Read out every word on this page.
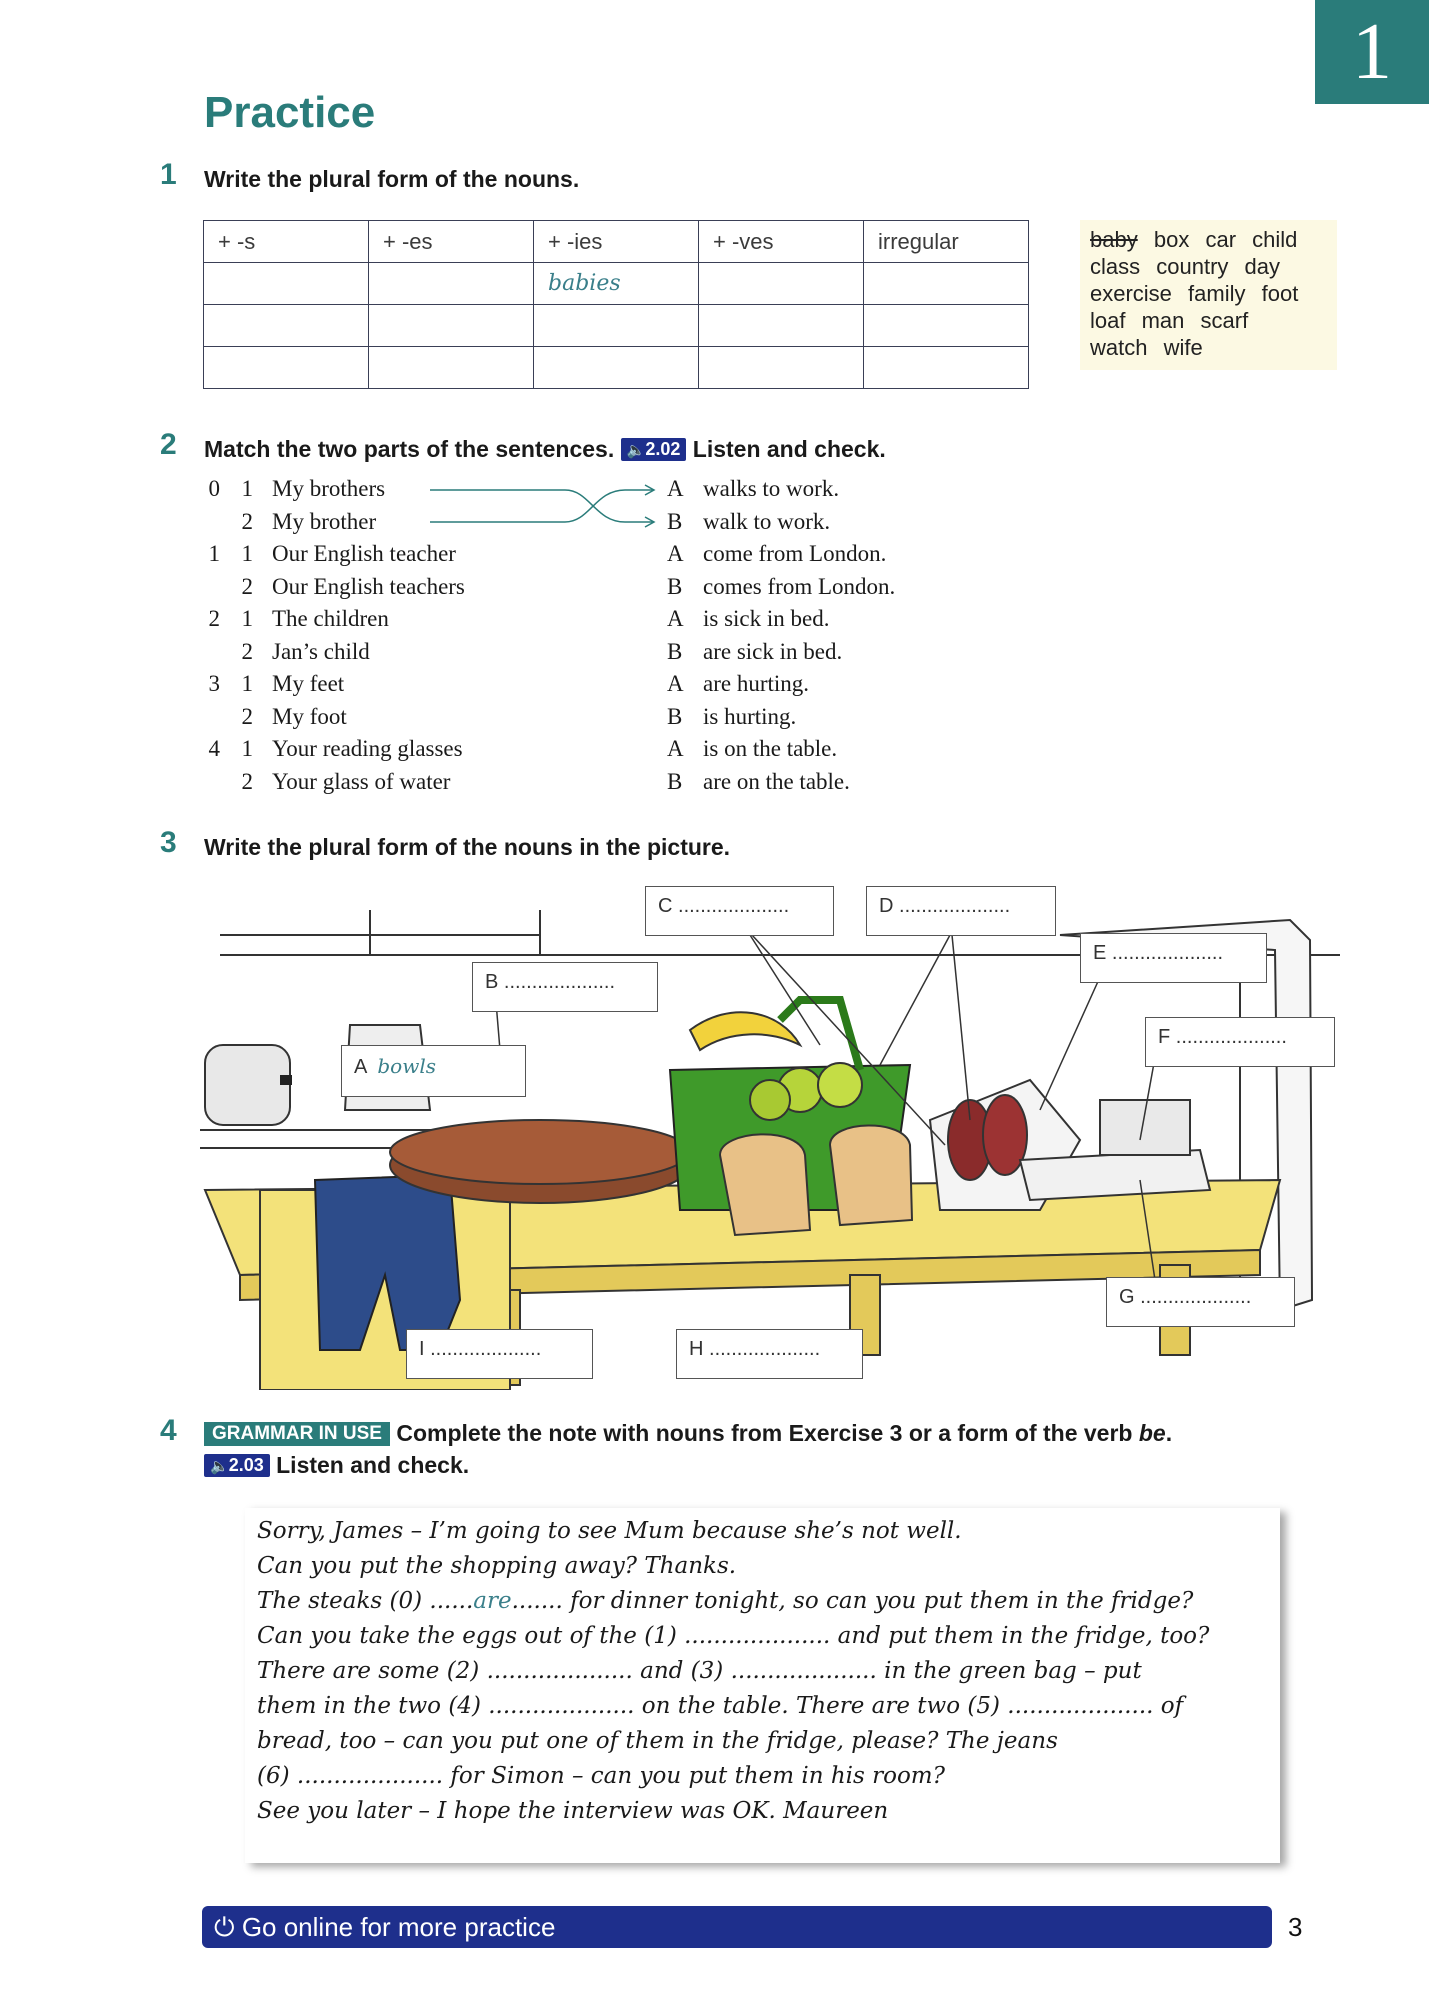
1
Practice
1 Write the plural form of the nouns.
+ -s	+ -es	+ -ies	+ -ves	irregular
		babies		

baby box car child
class country day
exercise family foot
loaf man scarf
watch wife
2 Match the two parts of the sentences. 🔈2.02 Listen and check.
0 1 My brothers	A walks to work.
2 My brother	B walk to work.
1 1 Our English teacher	A come from London.
2 Our English teachers	B comes from London.
2 1 The children	A is sick in bed.
2 Jan’s child	B are sick in bed.
3 1 My feet	A are hurting.
2 My foot	B is hurting.
4 1 Your reading glasses	A is on the table.
2 Your glass of water	B are on the table.
3 Write the plural form of the nouns in the picture.
A bowls
B ....................
C ....................	D ....................
E ....................
F ....................
G ....................
H ....................
I ....................
4	GRAMMAR IN USE Complete the note with nouns from Exercise 3 or a form of the verb be.
🔈2.03 Listen and check.
Sorry, James – I’m going to see Mum because she’s not well.
Can you put the shopping away? Thanks.
The steaks (0) ......are....... for dinner tonight, so can you put them in the fridge?
Can you take the eggs out of the (1) .................... and put them in the fridge, too?
There are some (2) .................... and (3) .................... in the green bag – put
them in the two (4) .................... on the table. There are two (5) .................... of
bread, too – can you put one of them in the fridge, please? The jeans
(6) .................... for Simon – can you put them in his room?
See you later – I hope the interview was OK. Maureen
⏻ Go online for more practice	3
